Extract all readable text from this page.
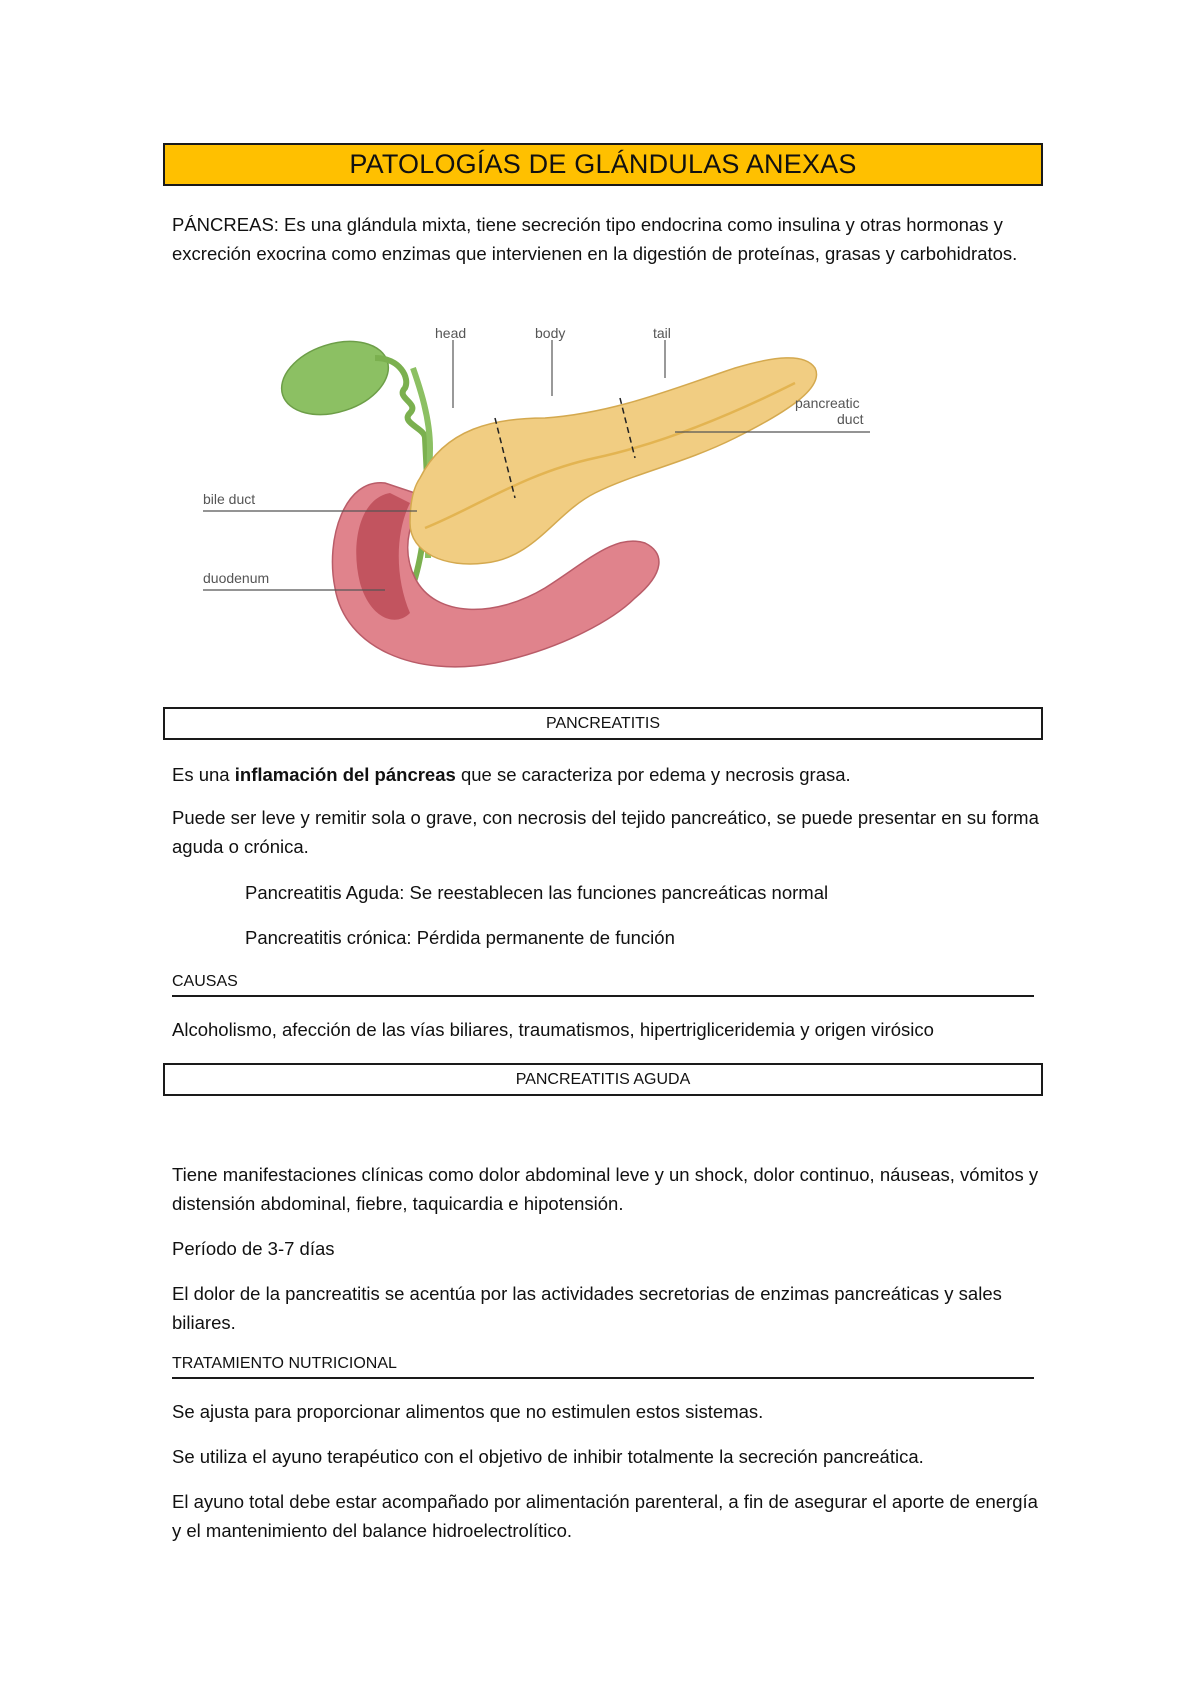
PATOLOGÍAS DE GLÁNDULAS ANEXAS

PÁNCREAS: Es una glándula mixta, tiene secreción tipo endocrina como insulina y otras hormonas y excreción exocrina como enzimas que intervienen en la digestión de proteínas, grasas y carbohidratos.

head	body	tail
pancreatic
duct
bile duct
duodenum
PANCREATITIS

Es una inflamación del páncreas que se caracteriza por edema y necrosis grasa.

Puede ser leve y remitir sola o grave, con necrosis del tejido pancreático, se puede presentar en su forma aguda o crónica.

Pancreatitis Aguda: Se reestablecen las funciones pancreáticas normal

Pancreatitis crónica: Pérdida permanente de función

CAUSAS

Alcoholismo, afección de las vías biliares, traumatismos, hipertrigliceridemia y origen virósico

PANCREATITIS AGUDA

Tiene manifestaciones clínicas como dolor abdominal leve y un shock, dolor continuo, náuseas, vómitos y distensión abdominal, fiebre, taquicardia e hipotensión.

Período de 3-7 días

El dolor de la pancreatitis se acentúa por las actividades secretorias de enzimas pancreáticas y sales biliares.

TRATAMIENTO NUTRICIONAL

Se ajusta para proporcionar alimentos que no estimulen estos sistemas.

Se utiliza el ayuno terapéutico con el objetivo de inhibir totalmente la secreción pancreática.

El ayuno total debe estar acompañado por alimentación parenteral, a fin de asegurar el aporte de energía y el mantenimiento del balance hidroelectrolítico.
